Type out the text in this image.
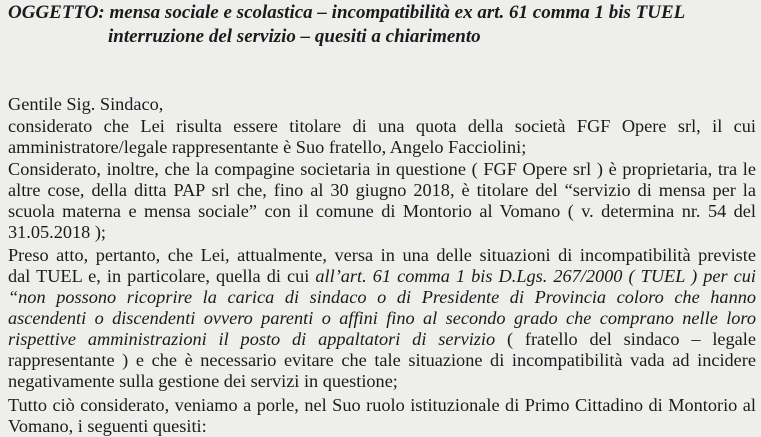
OGGETTO: mensa sociale e scolastica – incompatibilità ex art. 61 comma 1 bis TUEL
interruzione del servizio – quesiti a chiarimento

Gentile Sig. Sindaco,

considerato che Lei risulta essere titolare di una quota della società FGF Opere srl, il cui
amministratore/legale rappresentante è Suo fratello, Angelo Facciolini;

Considerato, inoltre, che la compagine societaria in questione ( FGF Opere srl ) è proprietaria, tra le
altre cose, della ditta PAP srl che, fino al 30 giugno 2018, è titolare del “servizio di mensa per la
scuola materna e mensa sociale” con il comune di Montorio al Vomano ( v. determina nr. 54 del
31.05.2018 );

Preso atto, pertanto, che Lei, attualmente, versa in una delle situazioni di incompatibilità previste
dal TUEL e, in particolare, quella di cui all’art. 61 comma 1 bis D.Lgs. 267/2000 ( TUEL ) per cui
“non possono ricoprire la carica di sindaco o di Presidente di Provincia coloro che hanno
ascendenti o discendenti ovvero parenti o affini fino al secondo grado che comprano nelle loro
rispettive amministrazioni il posto di appaltatori di servizio ( fratello del sindaco – legale
rappresentante ) e che è necessario evitare che tale situazione di incompatibilità vada ad incidere
negativamente sulla gestione dei servizi in questione;

Tutto ciò considerato, veniamo a porle, nel Suo ruolo istituzionale di Primo Cittadino di Montorio al
Vomano, i seguenti quesiti:
